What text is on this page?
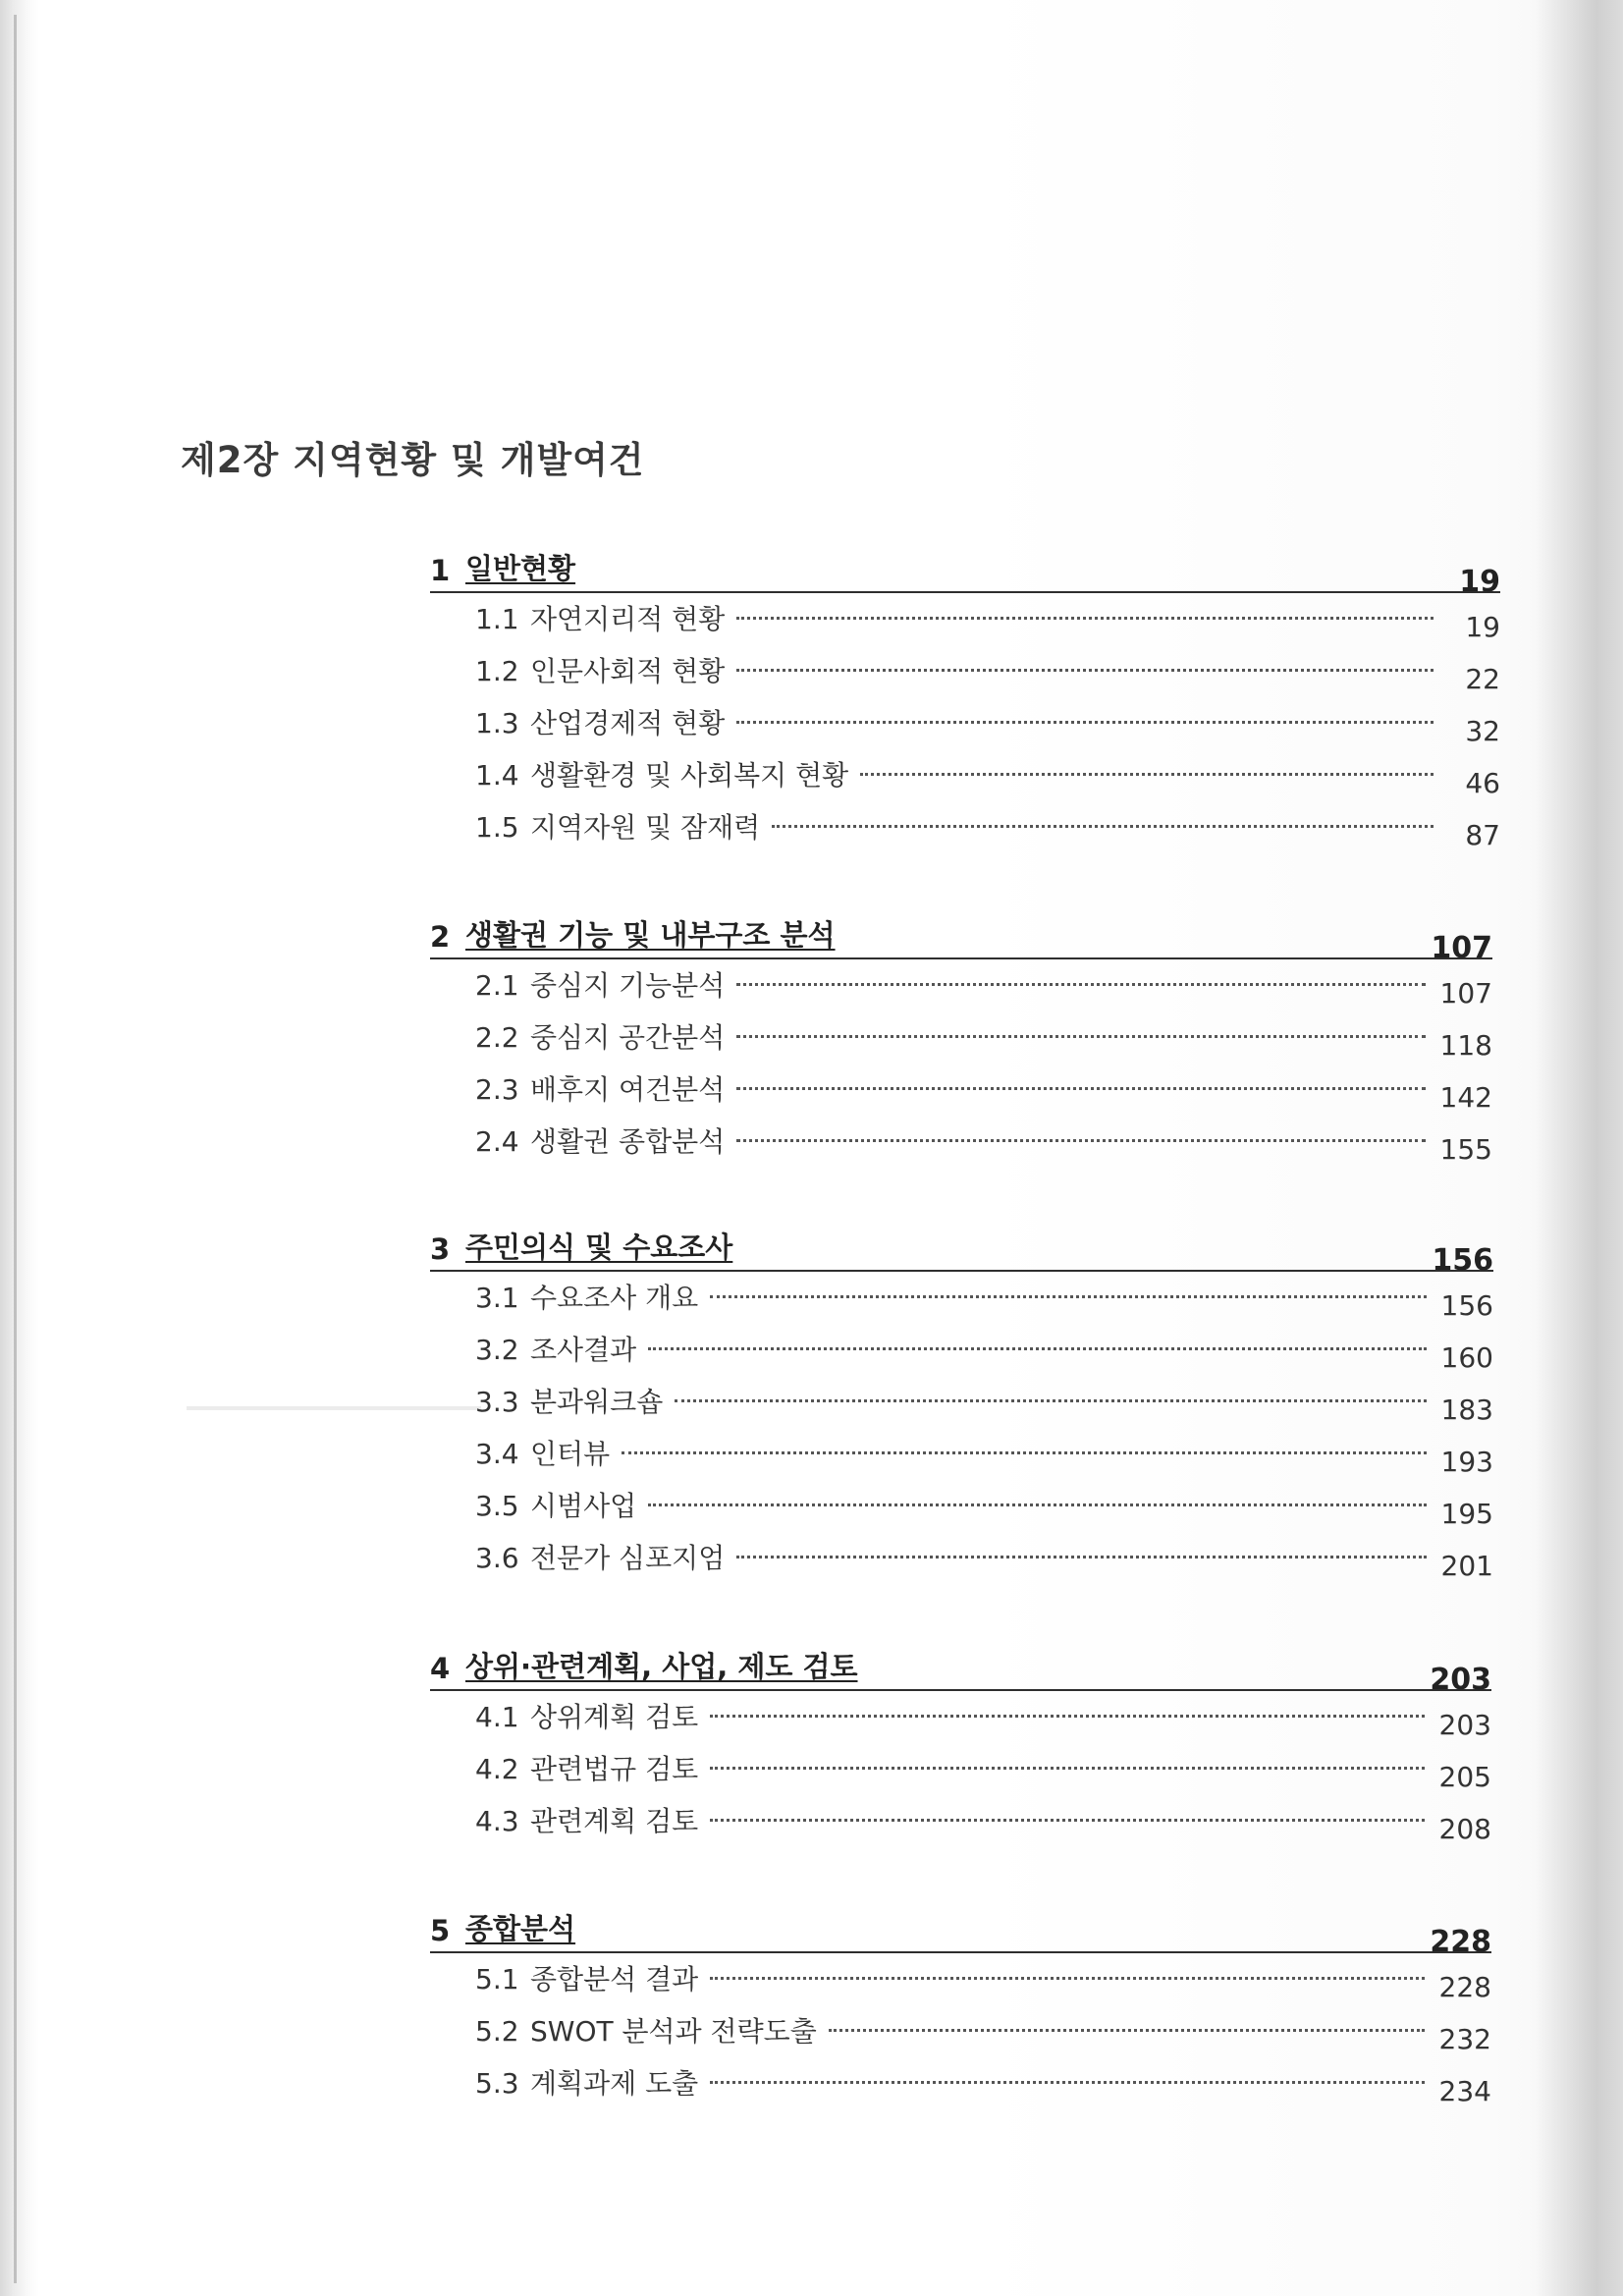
제2장 지역현황 및 개발여건
1 일반현황	19
1.1 자연지리적 현황	19
1.2 인문사회적 현황	22
1.3 산업경제적 현황	32
1.4 생활환경 및 사회복지 현황	46
1.5 지역자원 및 잠재력	87
2 생활권 기능 및 내부구조 분석	107
2.1 중심지 기능분석	107
2.2 중심지 공간분석	118
2.3 배후지 여건분석	142
2.4 생활권 종합분석	155
3 주민의식 및 수요조사	156
3.1 수요조사 개요	156
3.2 조사결과	160
3.3 분과워크숍	183
3.4 인터뷰	193
3.5 시범사업	195
3.6 전문가 심포지엄	201
4 상위·관련계획, 사업, 제도 검토	203
4.1 상위계획 검토	203
4.2 관련법규 검토	205
4.3 관련계획 검토	208
5 종합분석	228
5.1 종합분석 결과	228
5.2 SWOT 분석과 전략도출	232
5.3 계획과제 도출	234
